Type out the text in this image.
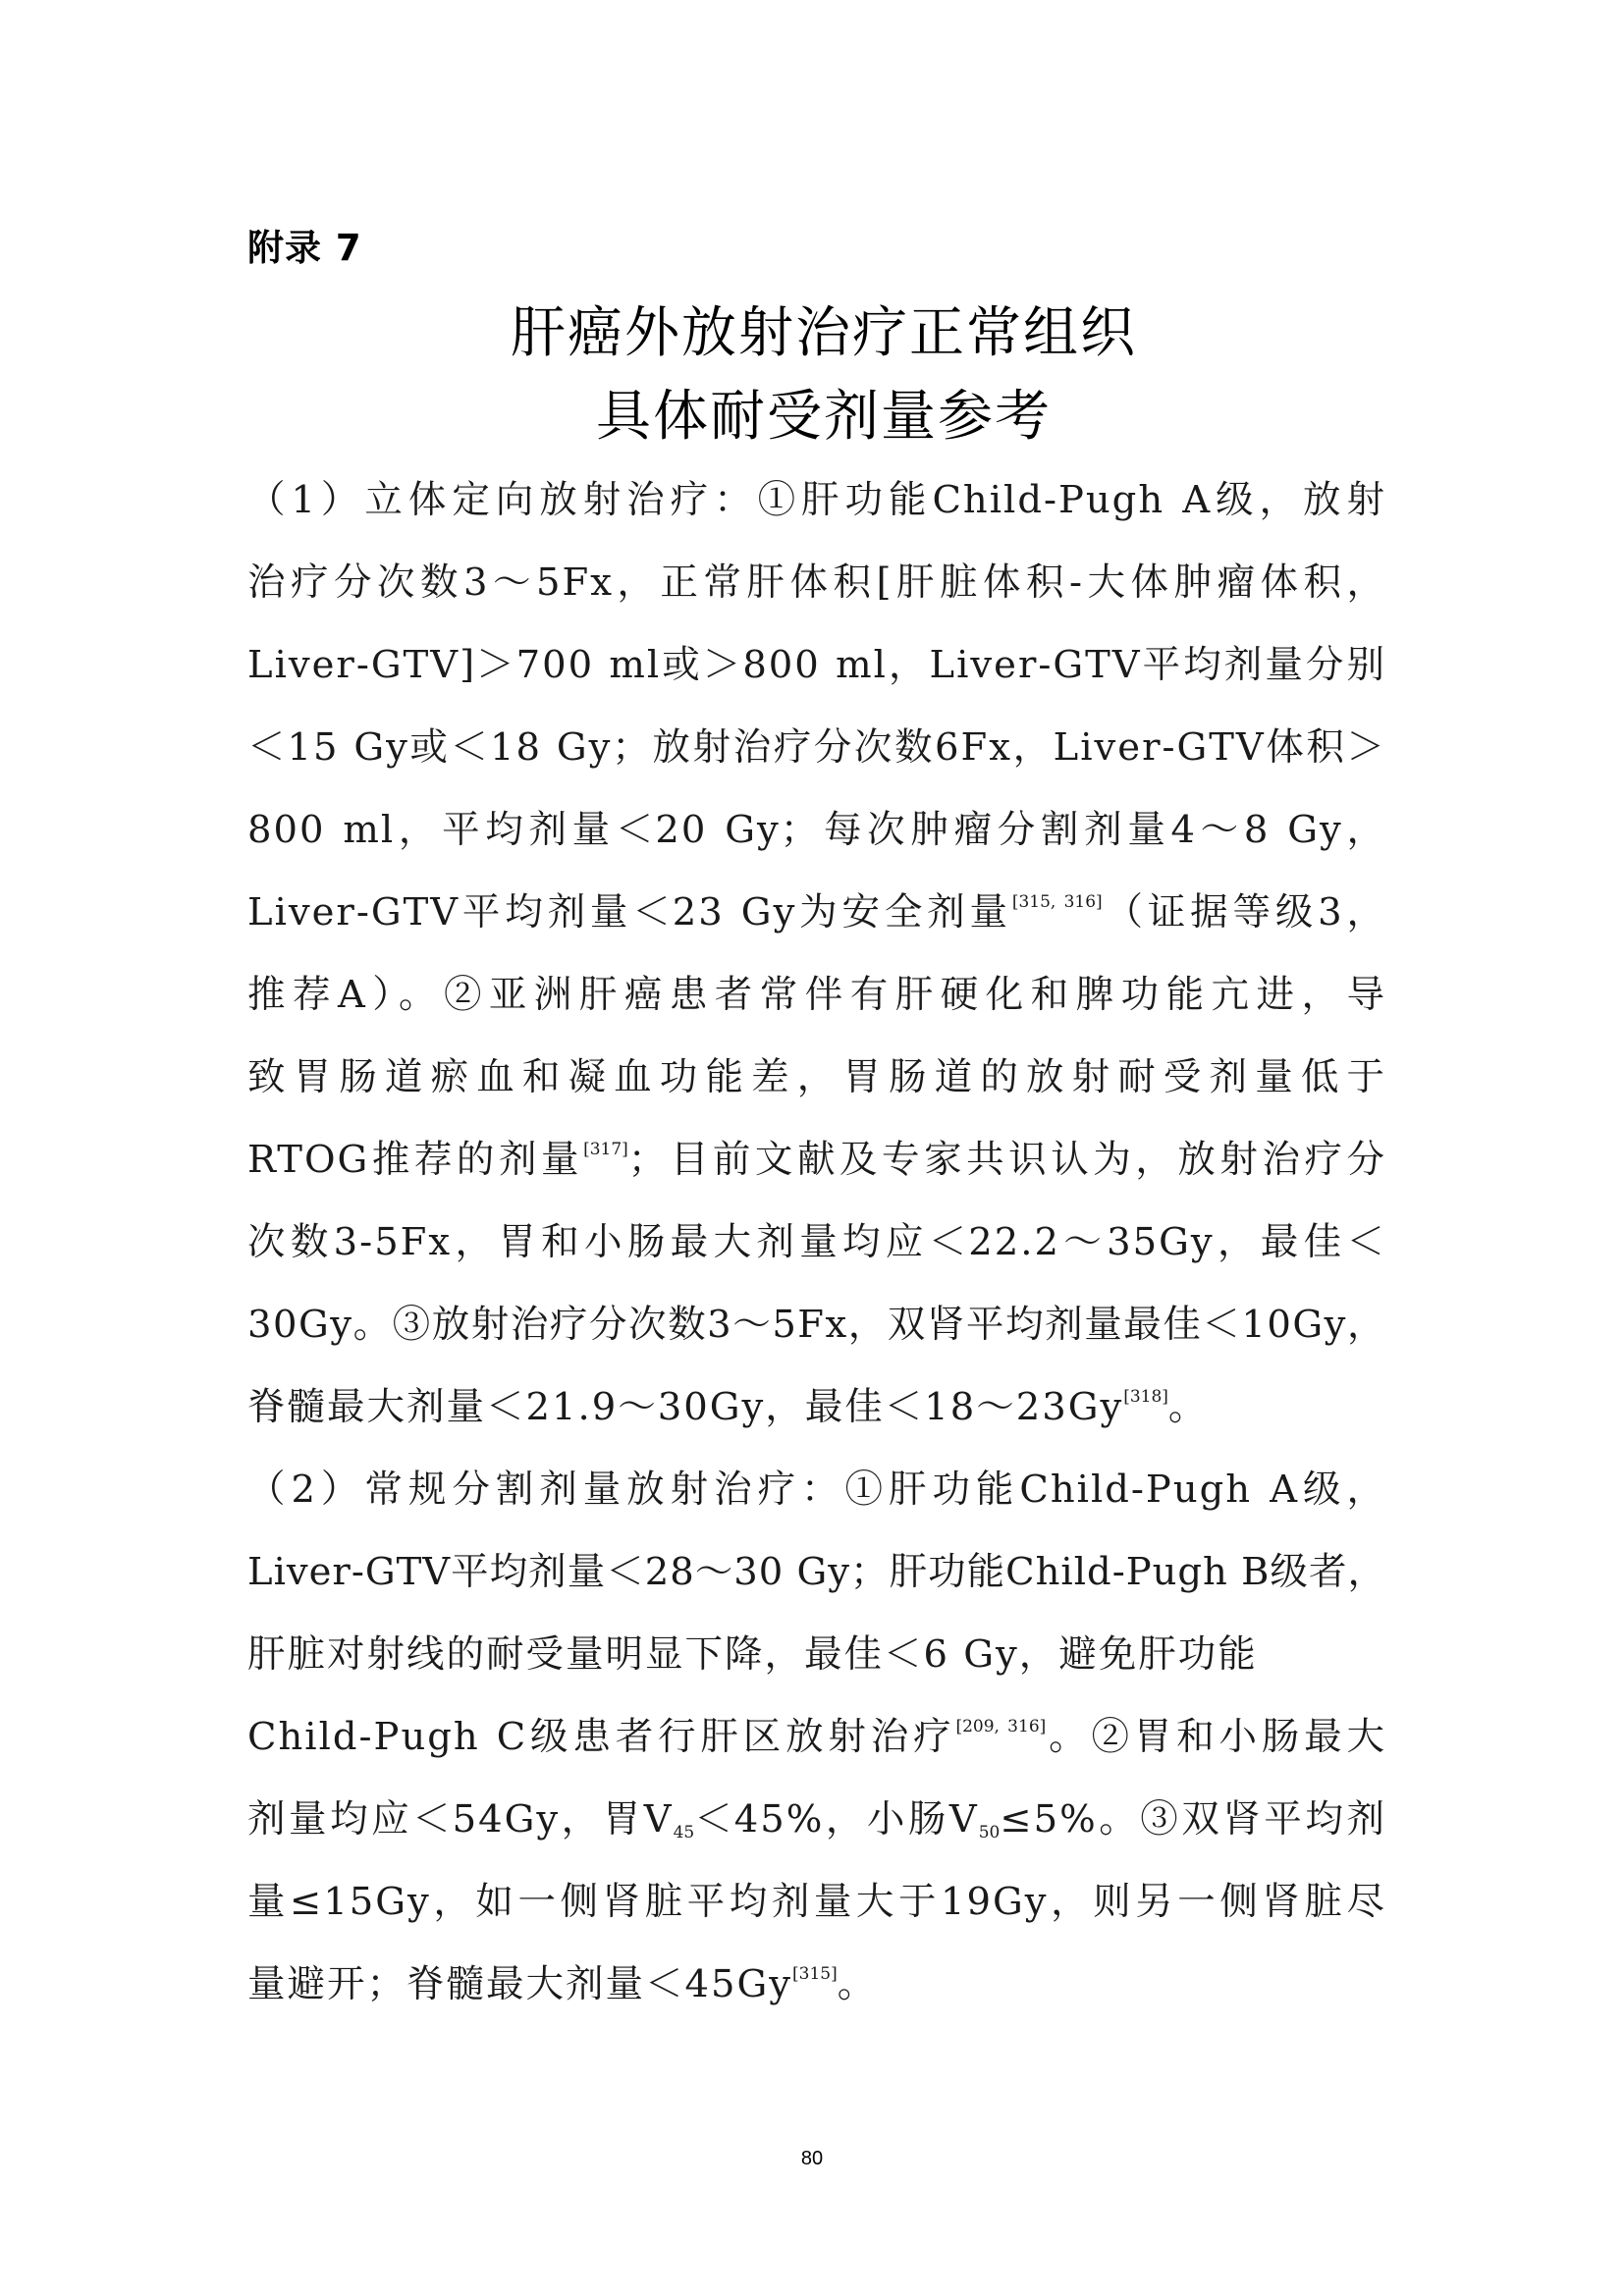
附录 7
肝癌外放射治疗正常组织
具体耐受剂量参考
（1）立体定向放射治疗：①肝功能Child-Pugh A级，放射
治疗分次数3～5Fx，正常肝体积[肝脏体积-大体肿瘤体积，
Liver-GTV]＞700 ml或＞800 ml，Liver-GTV平均剂量分别
＜15 Gy或＜18 Gy；放射治疗分次数6Fx，Liver-GTV体积＞
800 ml，平均剂量＜20 Gy；每次肿瘤分割剂量4～8 Gy，
Liver-GTV平均剂量＜23 Gy为安全剂量[315, 316]（证据等级3，
推荐A）。②亚洲肝癌患者常伴有肝硬化和脾功能亢进，导
致胃肠道瘀血和凝血功能差，胃肠道的放射耐受剂量低于
RTOG推荐的剂量[317]；目前文献及专家共识认为，放射治疗分
次数3-5Fx，胃和小肠最大剂量均应＜22.2～35Gy，最佳＜
30Gy。③放射治疗分次数3～5Fx，双肾平均剂量最佳＜10Gy，
脊髓最大剂量＜21.9～30Gy，最佳＜18～23Gy[318]。
（2）常规分割剂量放射治疗：①肝功能Child-Pugh A级，
Liver-GTV平均剂量＜28～30 Gy；肝功能Child-Pugh B级者，
肝脏对射线的耐受量明显下降，最佳＜6 Gy，避免肝功能
Child-Pugh C级患者行肝区放射治疗[209, 316]。②胃和小肠最大
剂量均应＜54Gy，胃$V_{45}<45\%$，小肠$V_{50}\le 5\%$。③双肾平均剂
量≤15Gy，如一侧肾脏平均剂量大于19Gy，则另一侧肾脏尽
量避开；脊髓最大剂量＜45Gy[315]。
80
